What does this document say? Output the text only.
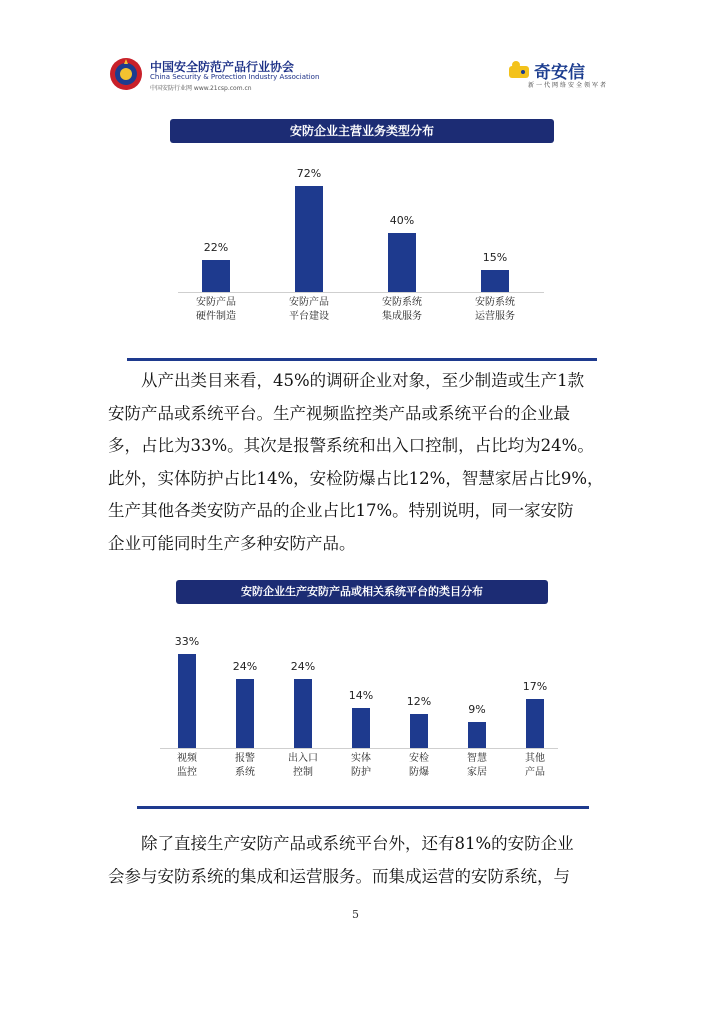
中国安全防范产品行业协会
China Security & Protection Industry Association
中国安防行业网 www.21csp.com.cn
奇安信
新一代网络安全领军者
安防企业主营业务类型分布
　　从产出类目来看，45%的调研企业对象，至少制造或生产1款
安防产品或系统平台。生产视频监控类产品或系统平台的企业最
多，占比为33%。其次是报警系统和出入口控制，占比均为24%。
此外，实体防护占比14%，安检防爆占比12%，智慧家居占比9%，
生产其他各类安防产品的企业占比17%。特别说明，同一家安防
企业可能同时生产多种安防产品。
安防企业生产安防产品或相关系统平台的类目分布
　　除了直接生产安防产品或系统平台外，还有81%的安防企业
会参与安防系统的集成和运营服务。而集成运营的安防系统，与
5
22%
安防产品
硬件制造
72%
安防产品
平台建设
40%
安防系统
集成服务
15%
安防系统
运营服务
33%
视频
监控
24%
报警
系统
24%
出入口
控制
14%
实体
防护
12%
安检
防爆
9%
智慧
家居
17%
其他
产品
